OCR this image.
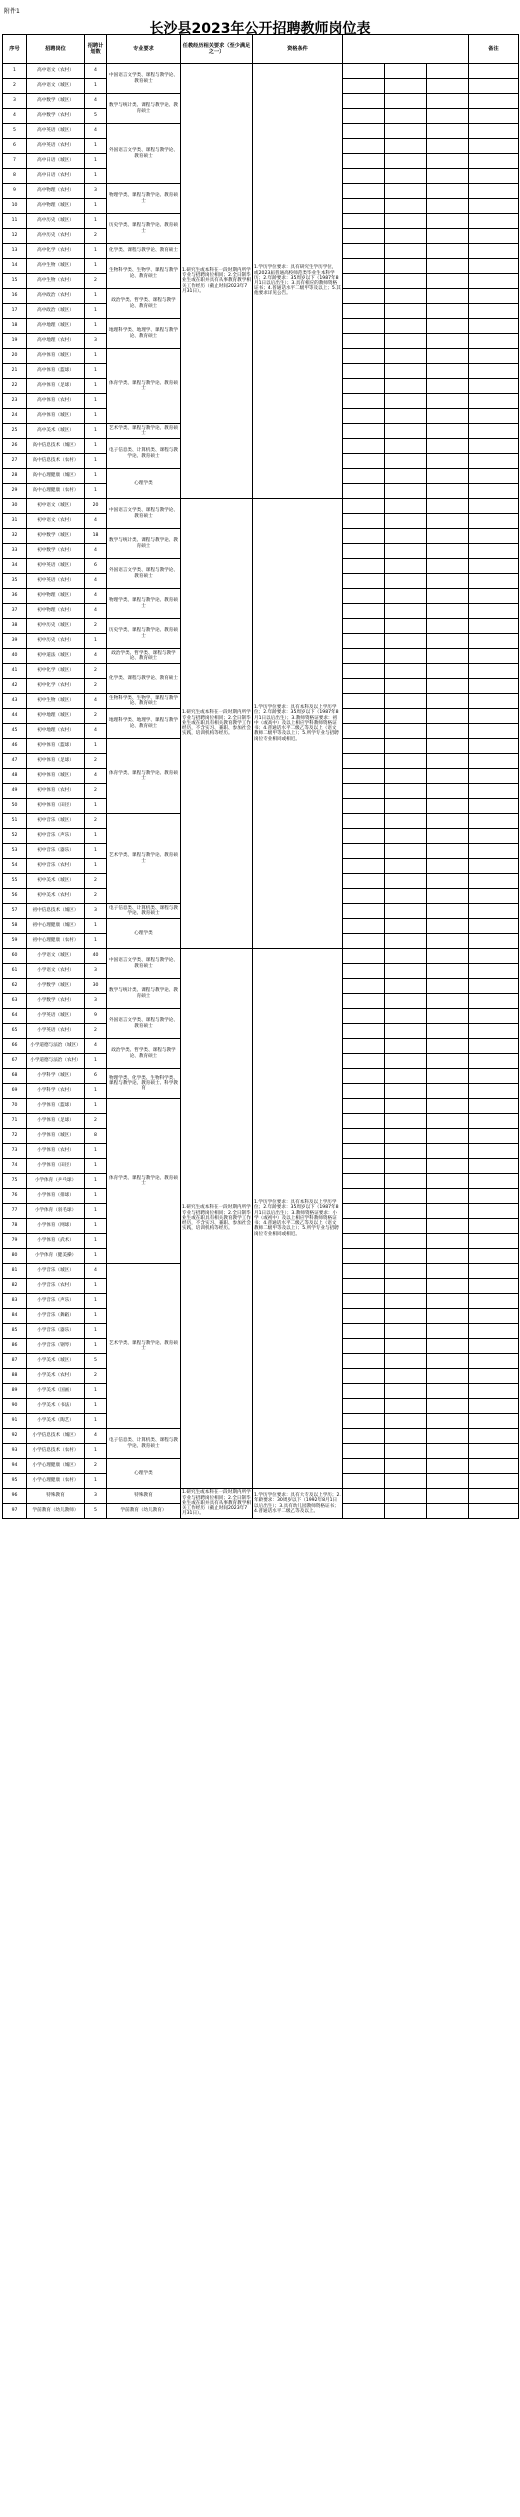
附件1
长沙县2023年公开招聘教师岗位表
序号	招聘岗位	招聘计划数	专业要求	任教经历相关要求（至少满足之一）	资格条件				备注
1	高中语文（农村）	4	中国语言文学类、课程与教学论、教育硕士	1.研究生或本科在一段时期内所学专业与招聘岗位相同；2.全日制毕业生或在职并具有从事教育教学相关工作经历（截止时间2023年7月31日）。	1.学历学位要求：具有研究生学历学位，或2023届普通高校师范类毕业生本科学历；2.年龄要求：35周岁以下（1987年8月1日以后出生）；3.具有相应的教师资格证书；4.普通话水平二级甲等及以上；5.其他要求详见公告。				
2	高中语文（城区）	1							
3	高中数学（城区）	4	数学与统计类、课程与教学论、教育硕士						
4	高中数学（农村）	5							
5	高中英语（城区）	4	外国语言文学类、课程与教学论、教育硕士						
6	高中英语（农村）	1							
7	高中日语（城区）	1							
8	高中日语（农村）	1							
9	高中物理（农村）	3	物理学类、课程与教学论、教育硕士						
10	高中物理（城区）	1							
11	高中历史（城区）	1	历史学类、课程与教学论、教育硕士						
12	高中历史（农村）	2							
13	高中化学（农村）	1	化学类、课程与教学论、教育硕士						
14	高中生物（城区）	1	生物科学类、生物学、课程与教学论、教育硕士						
15	高中生物（农村）	2							
16	高中政治（农村）	1	政治学类、哲学类、课程与教学论、教育硕士						
17	高中政治（城区）	1							
18	高中地理（城区）	1	地理科学类、地理学、课程与教学论、教育硕士						
19	高中地理（农村）	3							
20	高中体育（城区）	1	体育学类、课程与教学论、教育硕士						
21	高中体育（篮球）	1							
22	高中体育（足球）	1							
23	高中体育（农村）	1							
24	高中体育（城区）	1							
25	高中美术（城区）	1	艺术学类、课程与教学论、教育硕士						
26	高中信息技术（城区）	1	电子信息类、计算机类、课程与教学论、教育硕士						
27	高中信息技术（农村）	1							
28	高中心理健康（城区）	1	心理学类						
29	高中心理健康（农村）	1							
30	初中语文（城区）	20	中国语言文学类、课程与教学论、教育硕士	1.研究生或本科在一段时期内所学专业与招聘岗位相同；2.全日制毕业生或在职具有相关教育教学工作经历，不含实习、兼职、参加社会实践，培训机构等经历。	1.学历学位要求：具有本科及以上学历学位；2.年龄要求：35周岁以下（1987年8月1日以后出生）；3.教师资格证要求：初中（或高中）及以上相应学科教师资格证书；4.普通话水平二级乙等及以上（语文教师二级甲等及以上）；5.所学专业与招聘岗位专业相同或相近。				
31	初中语文（农村）	4							
32	初中数学（城区）	18	数学与统计类、课程与教学论、教育硕士						
33	初中数学（农村）	4							
34	初中英语（城区）	6	外国语言文学类、课程与教学论、教育硕士						
35	初中英语（农村）	4							
36	初中物理（城区）	4	物理学类、课程与教学论、教育硕士						
37	初中物理（农村）	4							
38	初中历史（城区）	2	历史学类、课程与教学论、教育硕士						
39	初中历史（农村）	1							
40	初中道法（城区）	4	政治学类、哲学类、课程与教学论、教育硕士						
41	初中化学（城区）	2	化学类、课程与教学论、教育硕士						
42	初中化学（农村）	2							
43	初中生物（城区）	4	生物科学类、生物学、课程与教学论、教育硕士						
44	初中地理（城区）	2	地理科学类、地理学、课程与教学论、教育硕士						
45	初中地理（农村）	4							
46	初中体育（篮球）	1	体育学类、课程与教学论、教育硕士						
47	初中体育（足球）	2							
48	初中体育（城区）	4							
49	初中体育（农村）	2							
50	初中体育（田径）	1							
51	初中音乐（城区）	2	艺术学类、课程与教学论、教育硕士						
52	初中音乐（声乐）	1							
53	初中音乐（器乐）	1							
54	初中音乐（农村）	1							
55	初中美术（城区）	2							
56	初中美术（农村）	2							
57	初中信息技术（城区）	3	电子信息类、计算机类、课程与教学论、教育硕士						
58	初中心理健康（城区）	1	心理学类						
59	初中心理健康（农村）	1							
60	小学语文（城区）	40	中国语言文学类、课程与教学论、教育硕士	1.研究生或本科在一段时期内所学专业与招聘岗位相同；2.全日制毕业生或在职具有相关教育教学工作经历，不含实习、兼职、参加社会实践，培训机构等经历。	1.学历学位要求：具有本科及以上学历学位；2.年龄要求：35周岁以下（1987年8月1日以后出生）；3.教师资格证要求：小学（或初中）及以上相应学科教师资格证书；4.普通话水平二级乙等及以上（语文教师二级甲等及以上）；5.所学专业与招聘岗位专业相同或相近。				
61	小学语文（农村）	3							
62	小学数学（城区）	30	数学与统计类、课程与教学论、教育硕士						
63	小学数学（农村）	3							
64	小学英语（城区）	9	外国语言文学类、课程与教学论、教育硕士						
65	小学英语（农村）	2							
66	小学道德与法治（城区）	4	政治学类、哲学类、课程与教学论、教育硕士						
67	小学道德与法治（农村）	1							
68	小学科学（城区）	6	物理学类、化学类、生物科学类、课程与教学论、教育硕士、科学教育						
69	小学科学（农村）	1							
70	小学体育（篮球）	1	体育学类、课程与教学论、教育硕士						
71	小学体育（足球）	2							
72	小学体育（城区）	8							
73	小学体育（农村）	1							
74	小学体育（田径）	1							
75	小学体育（乒乓球）	1							
76	小学体育（排球）	1							
77	小学体育（羽毛球）	1							
78	小学体育（网球）	1							
79	小学体育（武术）	1							
80	小学体育（健美操）	1							
81	小学音乐（城区）	4	艺术学类、课程与教学论、教育硕士						
82	小学音乐（农村）	1							
83	小学音乐（声乐）	1							
84	小学音乐（舞蹈）	1							
85	小学音乐（器乐）	1							
86	小学音乐（钢琴）	1							
87	小学美术（城区）	5							
88	小学美术（农村）	2							
89	小学美术（国画）	1							
90	小学美术（书法）	1							
91	小学美术（陶艺）	1							
92	小学信息技术（城区）	4	电子信息类、计算机类、课程与教学论、教育硕士						
93	小学信息技术（农村）	1							
94	小学心理健康（城区）	2	心理学类						
95	小学心理健康（农村）	1							
96	特殊教育	3	特殊教育	1.研究生或本科在一段时期内所学专业与招聘岗位相同；2.全日制毕业生或在职并具有从事教育教学相关工作经历（截止时间2023年7月31日）。	1.学历学位要求：具有大专及以上学历；2.年龄要求：30周岁以下（1992年8月1日以后出生）；3.具有幼儿园教师资格证书；4.普通话水平二级乙等及以上。				
97	学前教育（幼儿教师）	5	学前教育（幼儿教育）						
